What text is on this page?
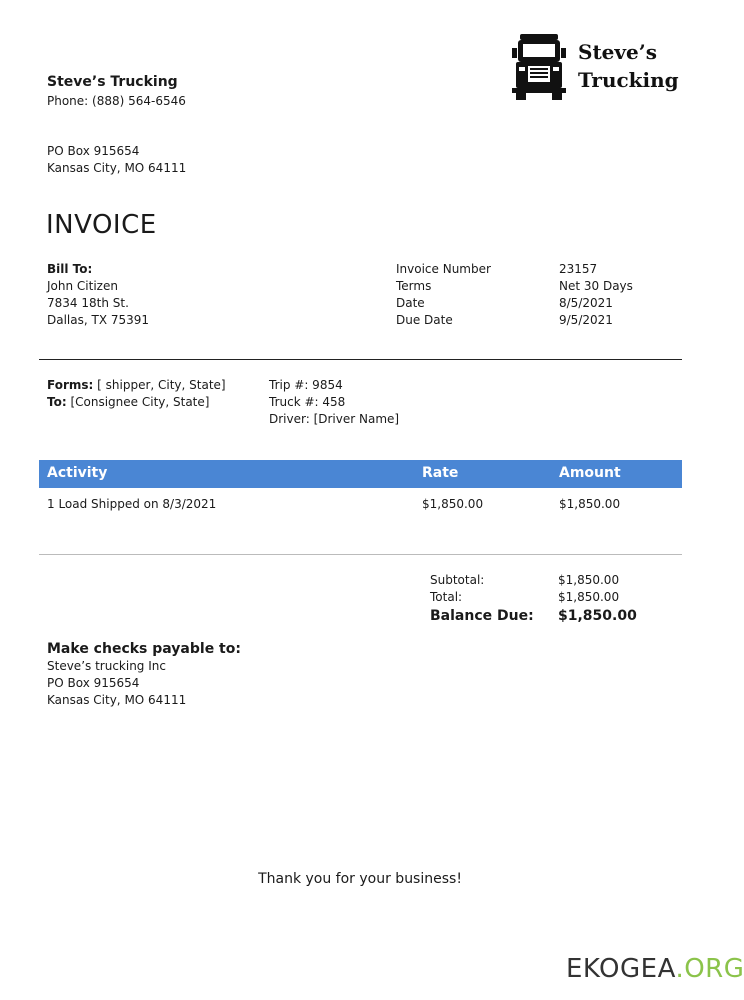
Steve’s Trucking
Phone: (888) 564-6546
PO Box 915654
Kansas City, MO 64111
Steve’s
Trucking
INVOICE
Bill To:
John Citizen
7834 18th St.
Dallas, TX 75391
Invoice Number	23157
Terms	Net 30 Days
Date	8/5/2021
Due Date	9/5/2021
Forms: [ shipper, City, State]
To: [Consignee City, State]
Trip #: 9854
Truck #: 458
Driver: [Driver Name]
Activity	Rate	Amount
1 Load Shipped on 8/3/2021	$1,850.00	$1,850.00
Subtotal:	$1,850.00
Total:	$1,850.00
Balance Due:	$1,850.00
Make checks payable to:
Steve’s trucking Inc
PO Box 915654
Kansas City, MO 64111
Thank you for your business!
EKOGEA.ORG
